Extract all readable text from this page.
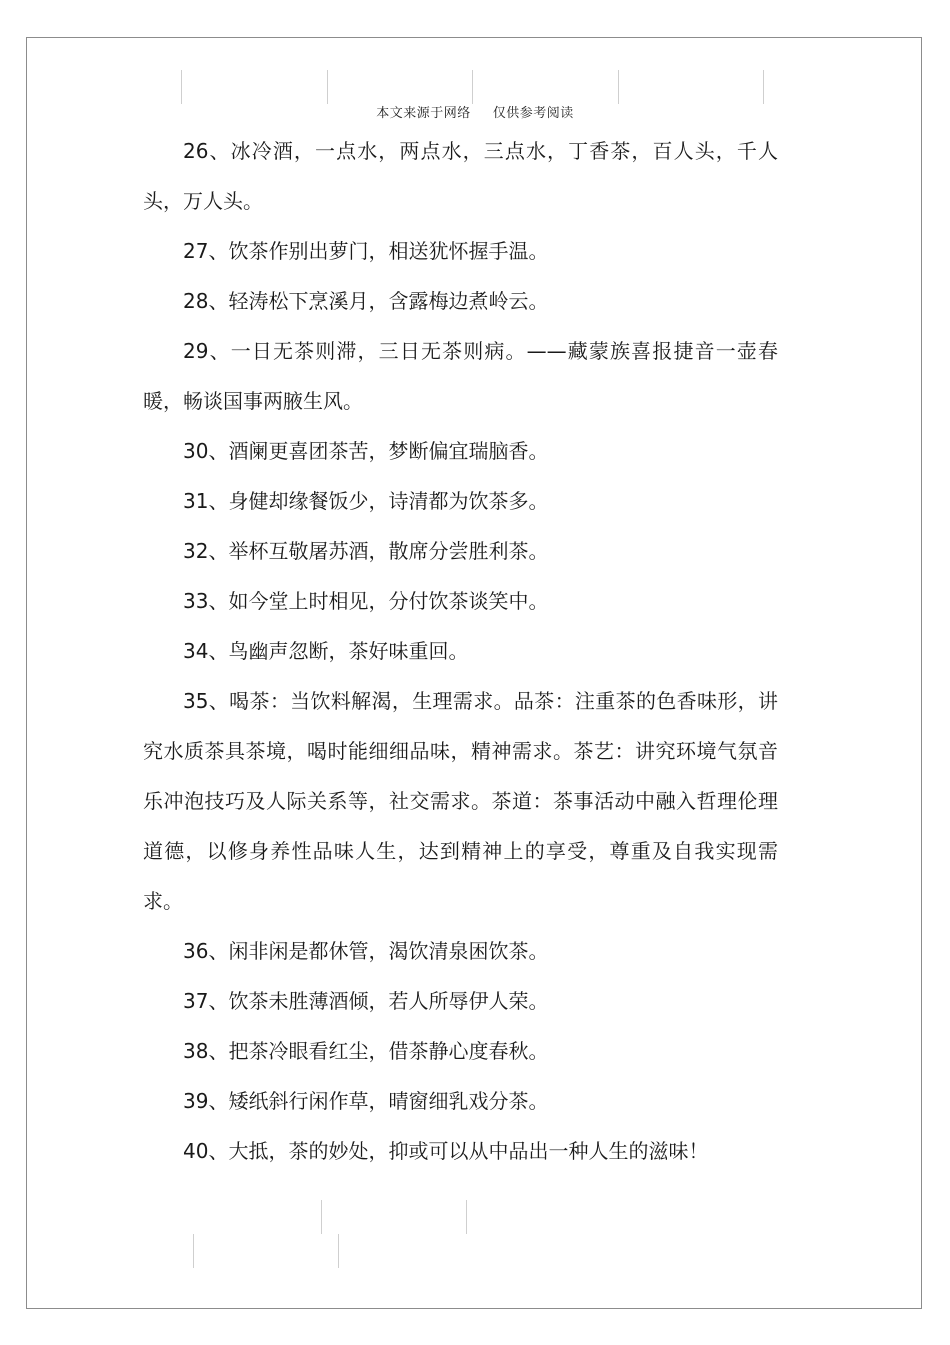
本文来源于网络 仅供参考阅读

26、冰冷酒，一点水，两点水，三点水，丁香茶，百人头，千人头，万人头。

27、饮茶作别出萝门，相送犹怀握手温。

28、轻涛松下烹溪月，含露梅边煮岭云。

29、一日无茶则滞，三日无茶则病。——藏蒙族喜报捷音一壶春暖，畅谈国事两腋生风。

30、酒阑更喜团茶苦，梦断偏宜瑞脑香。

31、身健却缘餐饭少，诗清都为饮茶多。

32、举杯互敬屠苏酒，散席分尝胜利茶。

33、如今堂上时相见，分付饮茶谈笑中。

34、鸟幽声忽断，茶好味重回。

35、喝茶：当饮料解渴，生理需求。品茶：注重茶的色香味形，讲究水质茶具茶境，喝时能细细品味，精神需求。茶艺：讲究环境气氛音乐冲泡技巧及人际关系等，社交需求。茶道：茶事活动中融入哲理伦理道德，以修身养性品味人生，达到精神上的享受，尊重及自我实现需求。

36、闲非闲是都休管，渴饮清泉困饮茶。

37、饮茶未胜薄酒倾，若人所辱伊人荣。

38、把茶冷眼看红尘，借茶静心度春秋。

39、矮纸斜行闲作草，晴窗细乳戏分茶。

40、大抵，茶的妙处，抑或可以从中品出一种人生的滋味！
